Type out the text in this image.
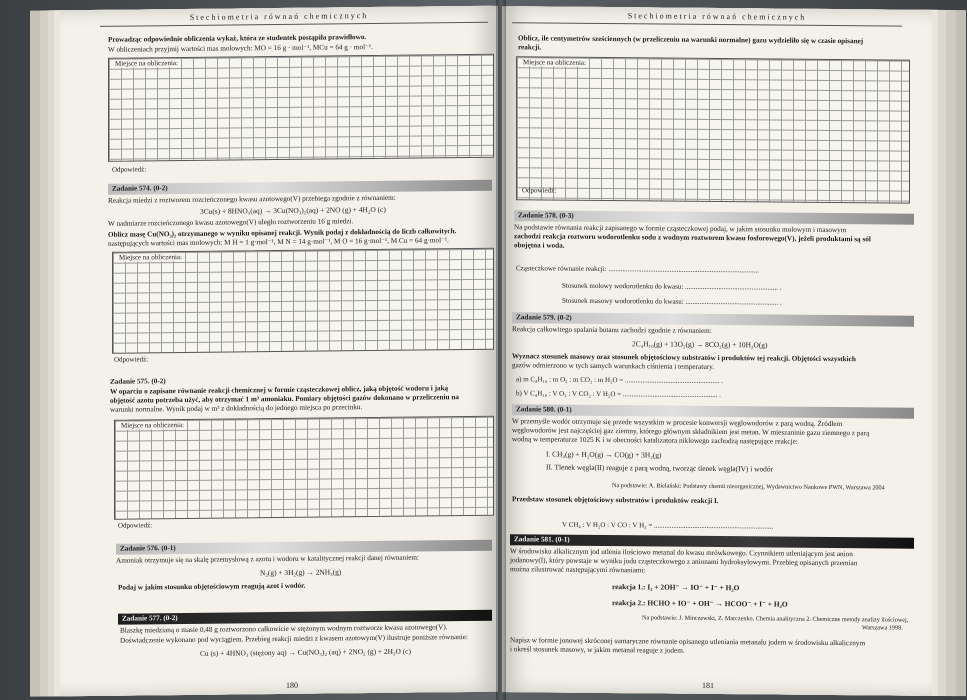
Stechiometria równań chemicznych
Prowadząc odpowiednie obliczenia wykaż, która ze studentek postąpiła prawidłowo.
W obliczeniach przyjmij wartości mas molowych: MO = 16 g · mol⁻¹, MCu = 64 g · mol⁻¹.
Miejsce na obliczenia:
Odpowiedź:
Zadanie 574. (0-2)
Reakcja miedzi z roztworem rozcieńczonego kwasu azotowego(V) przebiega zgodnie z równaniem:
3Cu(s) + 8HNO₃(aq) → 3Cu(NO₃)₂(aq) + 2NO (g) + 4H₂O (c)
W nadmiarze rozcieńczonego kwasu azotowego(V) uległo roztworzeniu 16 g miedzi.
Oblicz masę Cu(NO₃)₂ otrzymanego w wyniku opisanej reakcji. Wynik podaj z dokładnością do liczb całkowitych.
następujących wartości mas molowych: M H = 1 g·mol⁻¹, M N = 14 g·mol⁻¹, M O = 16 g·mol⁻¹, M Cu = 64 g·mol⁻¹.
Miejsce na obliczenia:
Odpowiedź:
Zadanie 575. (0-2)
W oparciu o zapisane równanie reakcji chemicznej w formie cząsteczkowej oblicz, jaką objętość wodoru i jaką
objętość azotu potrzeba użyć, aby otrzymać 1 m³ amoniaku. Pomiary objętości gazów dokonano w przeliczeniu na
warunki normalne. Wynik podaj w m³ z dokładnością do jednego miejsca po przecinku.
Miejsce na obliczenia:
Odpowiedź:
Zadanie 576. (0-1)
Amoniak otrzymuje się na skalę przemysłową z azotu i wodoru w katalitycznej reakcji danej równaniem:
N₂(g) + 3H₂(g) → 2NH₃(g)
Podaj w jakim stosunku objętościowym reagują azot i wodór.
Zadanie 577. (0-2)
Blaszkę miedzianą o masie 0,48 g roztworzono całkowicie w stężonym wodnym roztworze kwasu azotowego(V).
Doświadczenie wykonano pod wyciągiem. Przebieg reakcji miedzi z kwasem azotowym(V) ilustruje poniższe równanie:
Cu (s) + 4HNO₃ (stężony aq) → Cu(NO₃)₂ (aq) + 2NO₂ (g) + 2H₂O (c)
180
Stechiometria równań chemicznych
Oblicz, ile centymetrów sześciennych (w przeliczeniu na warunki normalne) gazu wydzieliło się w czasie opisanej
reakcji.
Miejsce na obliczenia:
Odpowiedź:
Zadanie 578. (0-3)
Na podstawie równania reakcji zapisanego w formie cząsteczkowej podaj, w jakim stosunku molowym i masowym
zachodzi reakcja roztworu wodorotlenku sodu z wodnym roztworem kwasu fosforowego(V), jeżeli produktami są sól
obojętna i woda.
Cząsteczkowe równanie reakcji: ......................................................................................
Stosunek molowy wodorotlenku do kwasu: ..................................................... .
Stosunek masowy wodorotlenku do kwasu: ..................................................... .
Zadanie 579. (0-2)
Reakcja całkowitego spalania butanu zachodzi zgodnie z równaniem:
2C₄H₁₀(g) + 13O₂(g) → 8CO₂(g) + 10H₂O(g)
Wyznacz stosunek masowy oraz stosunek objętościowy substratów i produktów tej reakcji. Objętości wszystkich
gazów odmierzono w tych samych warunkach ciśnienia i temperatury.
a) m C₄H₁₀ : m O₂ : m CO₂ : m H₂O = ...................................................... .
b) V C₄H₁₀ : V O₂ : V CO₂ : V H₂O = ...................................................... .
Zadanie 580. (0-1)
W przemyśle wodór otrzymuje się przede wszystkim w procesie konwersji węglowodorów z parą wodną. Źródłem
węglowodorów jest najczęściej gaz ziemny, którego głównym składnikiem jest metan. W mieszaninie gazu ziemnego z parą
wodną w temperaturze 1025 K i w obecności katalizatora niklowego zachodzą następujące reakcje:
I. CH₄(g) + H₂O(g) → CO(g) + 3H₂(g)
II. Tlenek węgla(II) reaguje z parą wodną, tworząc tlenek węgla(IV) i wodór
Na podstawie: A. Bielański: Podstawy chemii nieorganicznej, Wydawnictwo Naukowe PWN, Warszawa 2004
Przedstaw stosunek objętościowy substratów i produktów reakcji I.
V CH₄ : V H₂O : V CO : V H₂ = ....................................................................
Zadanie 581. (0-1)
W środowisku alkalicznym jod utlenia ilościowo metanal do kwasu mrówkowego. Czynnikiem utleniającym jest anion
jodanowy(I), który powstaje w wyniku jodu cząsteczkowego z anionami hydroksylowymi. Przebieg opisanych przemian
można zilustrować następującymi równaniami:
reakcja 1.: I₂ + 2OH⁻ → IO⁻ + I⁻ + H₂O
reakcja 2.: HCHO + IO⁻ + OH⁻ → HCOO⁻ + I⁻ + H₂O
Na podstawie: J. Minczewski, Z. Marczenko, Chemia analityczna 2. Chemiczne metody analizy ilościowej,
Warszawa 1998.
Napisz w formie jonowej skróconej sumaryczne równanie opisanego utleniania metanalu jodem w środowisku alkalicznym
i określ stosunek masowy, w jakim metanal reaguje z jodem.
181
